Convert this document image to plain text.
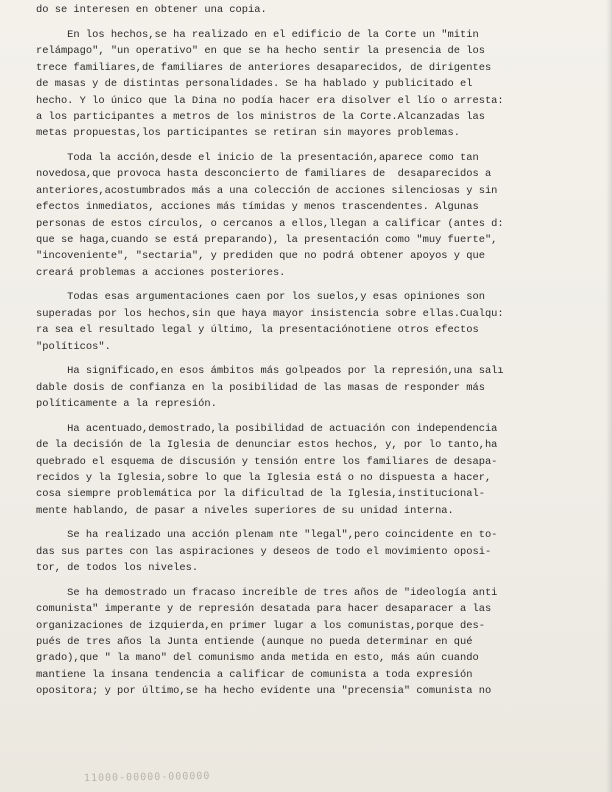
do se interesen en obtener una copia.
En los hechos,se ha realizado en el edificio de la Corte un "mitin
relámpago", "un operativo" en que se ha hecho sentir la presencia de los
trece familiares,de familiares de anteriores desaparecidos, de dirigentes
de masas y de distintas personalidades. Se ha hablado y publicitado el
hecho. Y lo único que la Dina no podía hacer era disolver el lío o arresta:
a los participantes a metros de los ministros de la Corte.Alcanzadas las
metas propuestas,los participantes se retiran sin mayores problemas.
Toda la acción,desde el inicio de la presentación,aparece como tan
novedosa,que provoca hasta desconcierto de familiares de  desaparecidos a
anteriores,acostumbrados más a una colección de acciones silenciosas y sin
efectos inmediatos, acciones más tímidas y menos trascendentes. Algunas
personas de estos círculos, o cercanos a ellos,llegan a calificar (antes d:
que se haga,cuando se está preparando), la presentación como "muy fuerte",
"incoveniente", "sectaria", y prediden que no podrá obtener apoyos y que
creará problemas a acciones posteriores.
Todas esas argumentaciones caen por los suelos,y esas opiniones son
superadas por los hechos,sin que haya mayor insistencia sobre ellas.Cualqu:
ra sea el resultado legal y último, la presentaciónotiene otros efectos
"políticos".
Ha significado,en esos ámbitos más golpeados por la represión,una salı
dable dosis de confianza en la posibilidad de las masas de responder más
políticamente a la represión.
Ha acentuado,demostrado,la posibilidad de actuación con independencia
de la decisión de la Iglesia de denunciar estos hechos, y, por lo tanto,ha
quebrado el esquema de discusión y tensión entre los familiares de desapa-
recidos y la Iglesia,sobre lo que la Iglesia está o no dispuesta a hacer,
cosa siempre problemática por la dificultad de la Iglesia,institucional-
mente hablando, de pasar a niveles superiores de su unidad interna.
Se ha realizado una acción plenam nte "legal",pero coincidente en to-
das sus partes con las aspiraciones y deseos de todo el movimiento oposi-
tor, de todos los niveles.
Se ha demostrado un fracaso increíble de tres años de "ideología anti
comunista" imperante y de represión desatada para hacer desaparacer a las
organizaciones de izquierda,en primer lugar a los comunistas,porque des-
pués de tres años la Junta entiende (aunque no pueda determinar en qué
grado),que " la mano" del comunismo anda metida en esto, más aún cuando
mantiene la insana tendencia a calificar de comunista a toda expresión
opositora; y por último,se ha hecho evidente una "precensia" comunista no
11000-00000-000000
